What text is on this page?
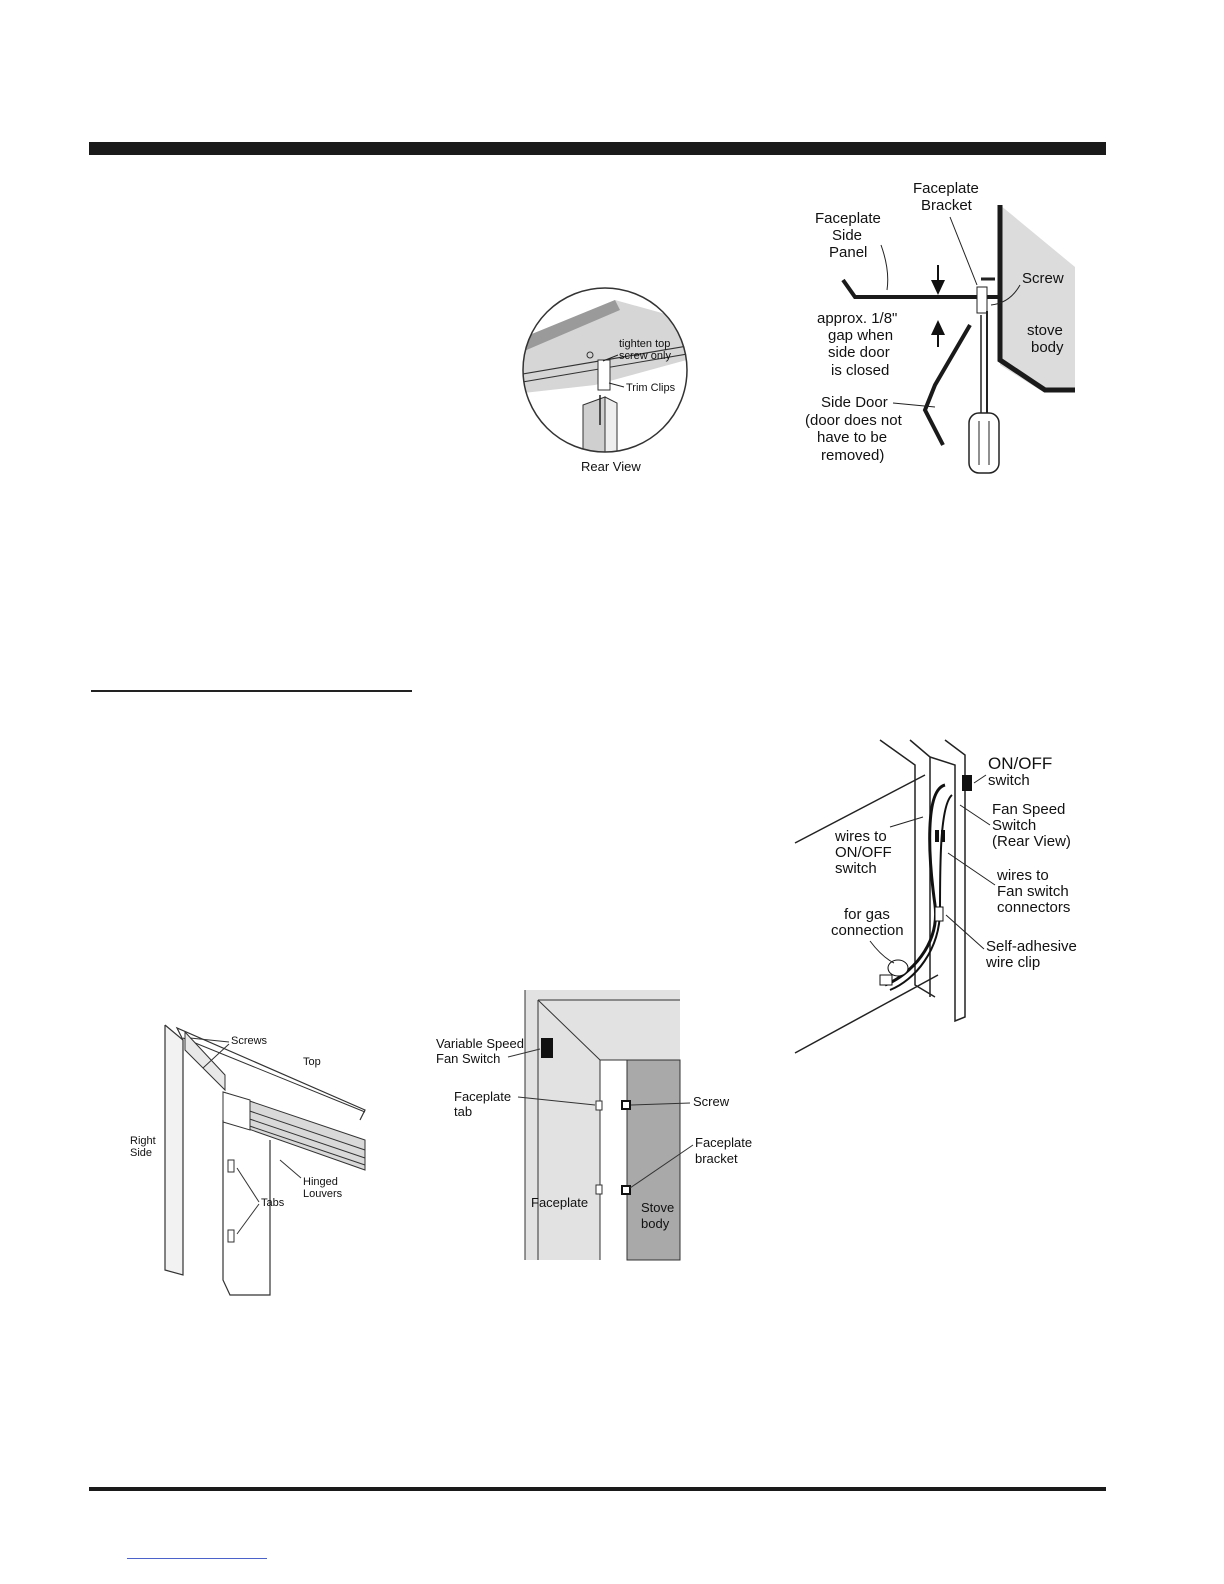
tighten top
screw only
Trim Clips
Rear View
Faceplate
Bracket
Faceplate
Side
Panel
Screw
approx. 1/8"
gap when
side door
is closed
stove
body
Side Door
(door does not
have to be
removed)
ON/OFF
switch
Fan Speed
Switch
(Rear View)
wires to
ON/OFF
switch	wires to
Fan switch
connectors
for gas
connection
Self-adhesive
wire clip
Screws
Top
Right
Side
Hinged
Louvers
Tabs
Variable Speed
Fan Switch
Faceplate
tab
Screw
Faceplate
bracket
Faceplate	Stove
body
